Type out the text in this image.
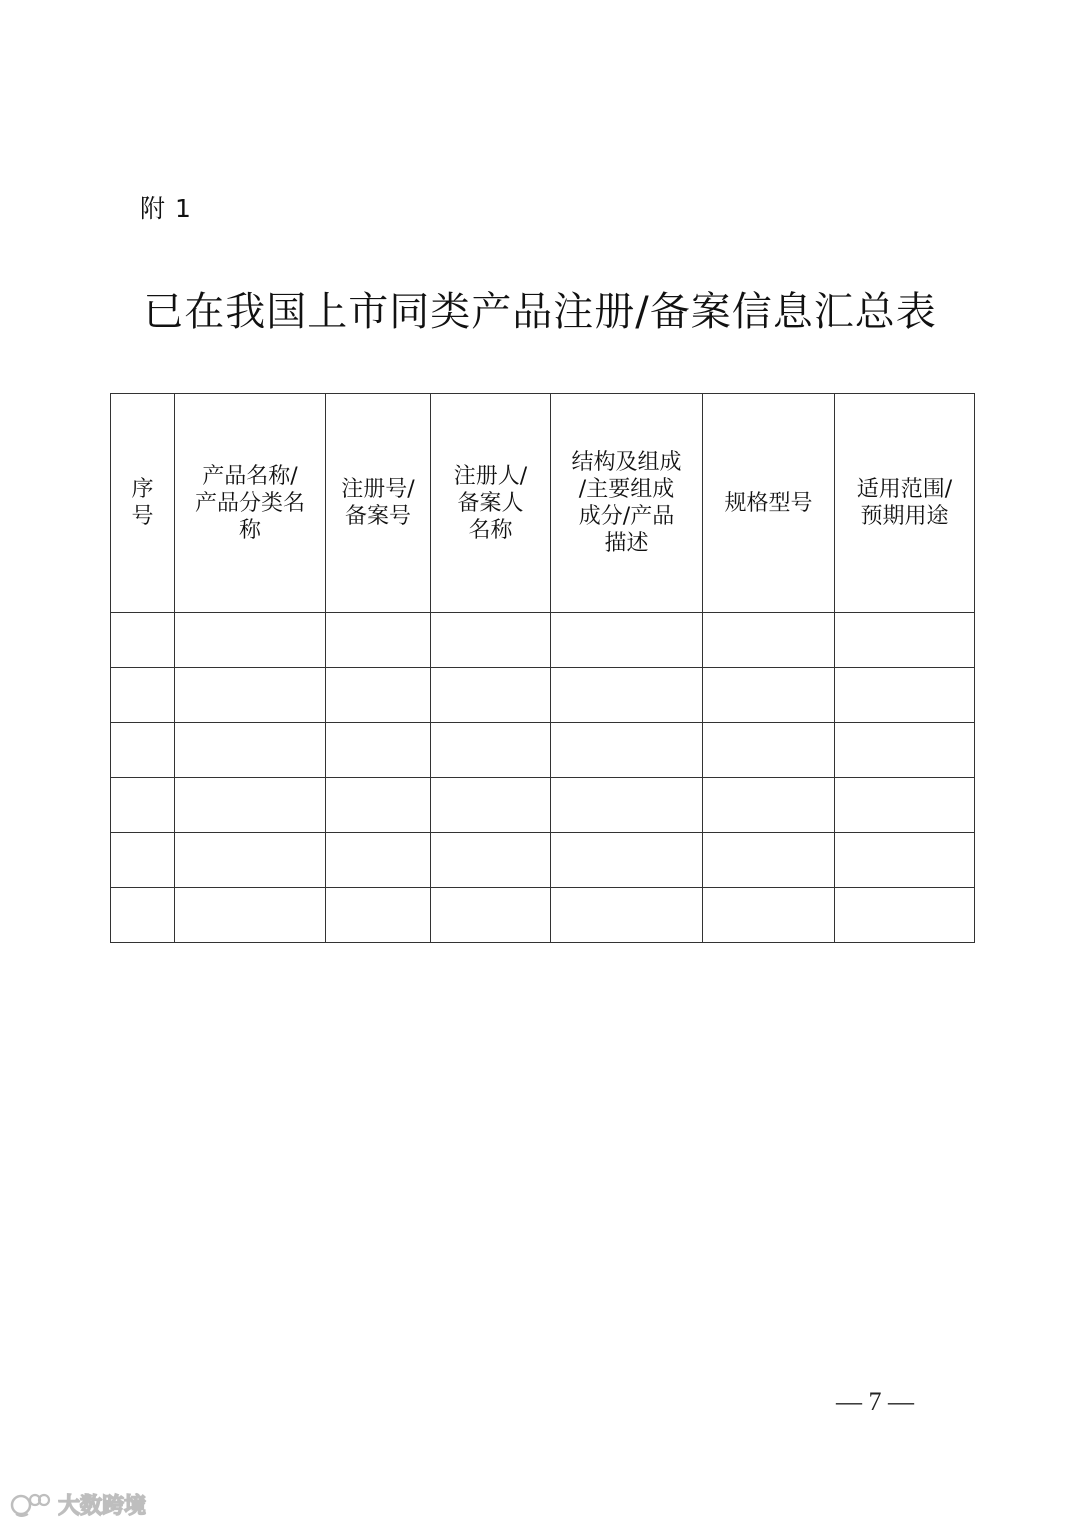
附 1
已在我国上市同类产品注册/备案信息汇总表
序
号	产品名称/
产品分类名
称	注册号/
备案号	注册人/
备案人
名称	结构及组成
/主要组成
成分/产品
描述	规格型号	适用范围/
预期用途

— 7 —
大数跨境
